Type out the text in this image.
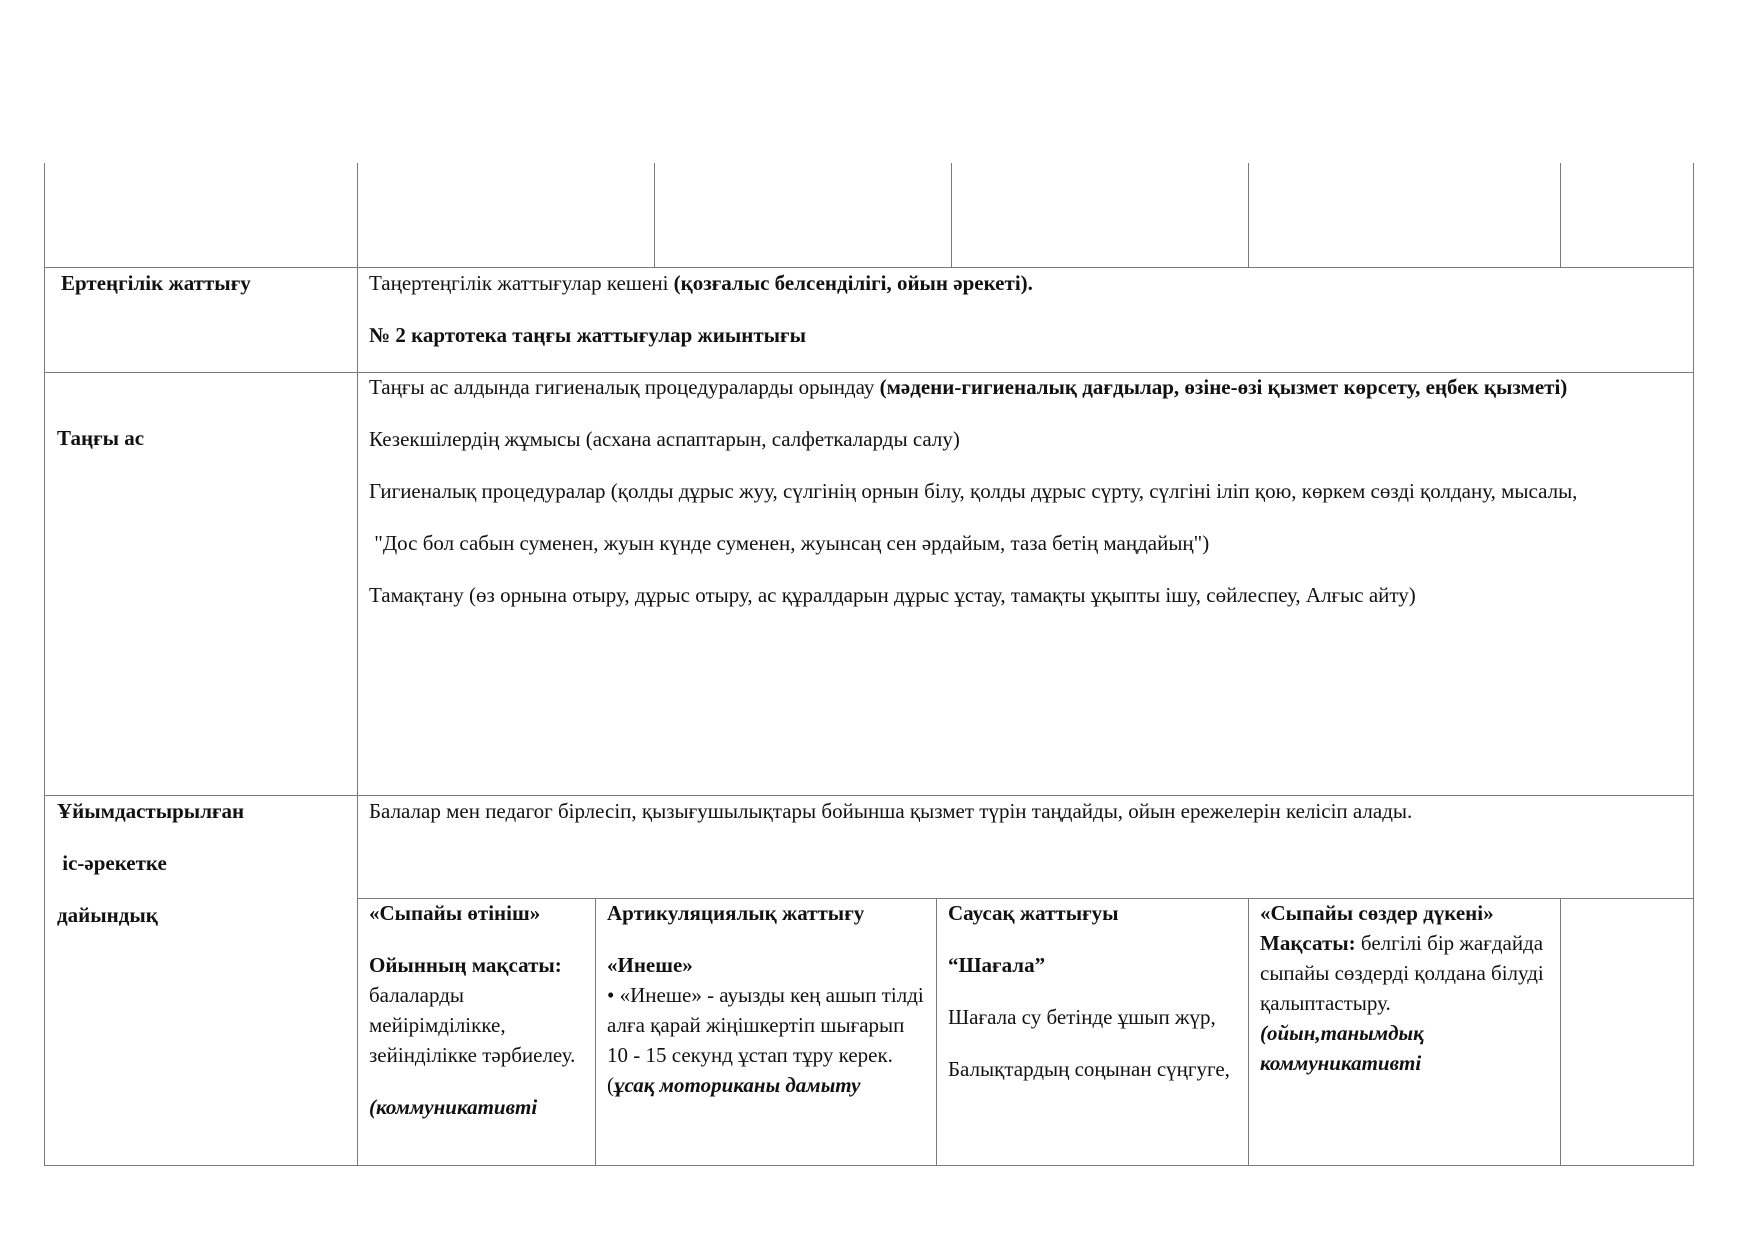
Ертеңгілік жаттығу	Таңертеңгілік жаттығулар кешені (қозғалыс белсенділігі, ойын әрекеті).

№ 2 картотека таңғы жаттығулар жиынтығы

Таңғы ас

Таңғы ас алдында гигиеналық процедураларды орындау (мәдени-гигиеналық дағдылар, өзіне-өзі қызмет көрсету, еңбек қызметі)

Кезекшілердің жұмысы (асхана аспаптарын, салфеткаларды салу)

Гигиеналық процедуралар (қолды дұрыс жуу, сүлгінің орнын білу, қолды дұрыс сүрту, сүлгіні іліп қою, көркем сөзді қолдану, мысалы,

"Дос бол сабын суменен, жуын күнде суменен, жуынсаң сен әрдайым, таза бетің маңдайың")

Тамақтану (өз орнына отыру, дұрыс отыру, ас құралдарын дұрыс ұстау, тамақты ұқыпты ішу, сөйлеспеу, Алғыс айту)

Ұйымдастырылған

іс-әрекетке

дайындық

Балалар мен педагог бірлесіп, қызығушылықтары бойынша қызмет түрін таңдайды, ойын ережелерін келісіп алады.

«Сыпайы өтініш»

Ойынның мақсаты:

балаларды мейірімділікке, зейінділікке тәрбиелеу.

(коммуникативті

Артикуляциялық жаттығу

«Инеше»

• «Инеше» - ауызды кең ашып тілді алға қарай жіңішкертіп шығарып 10 - 15 секунд ұстап тұру керек.

(ұсақ моториканы дамыту

Саусақ жаттығуы

“Шағала”

Шағала су бетінде ұшып жүр,

Балықтардың соңынан сүңгуге,

«Сыпайы сөздер дүкені»

Мақсаты: белгілі бір жағдайда сыпайы сөздерді қолдана білуді қалыптастыру.

(ойын,танымдық коммуникативті
